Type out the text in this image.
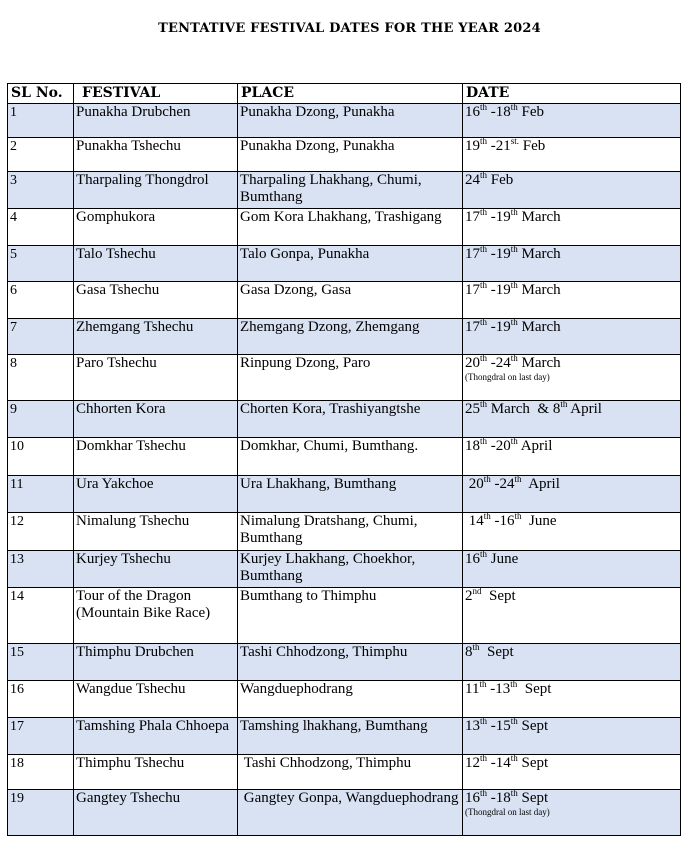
TENTATIVE FESTIVAL DATES FOR THE YEAR 2024
SL No.	FESTIVAL	PLACE	DATE
1	Punakha Drubchen	Punakha Dzong, Punakha	16th -18th Feb

2	Punakha Tshechu	Punakha Dzong, Punakha	19th $-21^{st.}$ Feb

3	Tharpaling Thongdrol	Tharpaling Lhakhang, Chumi, Bumthang	24th Feb

4	Gomphukora	Gom Kora Lhakhang, Trashigang	17th -19th March

5	Talo Tshechu	Talo Gonpa, Punakha	17th -19th March

6	Gasa Tshechu	Gasa Dzong, Gasa	17th -19th March

7	Zhemgang Tshechu	Zhemgang Dzong, Zhemgang	17th -19th March

8	Paro Tshechu	Rinpung Dzong, Paro	20th -24th March
(Thongdral on last day)

9	Chhorten Kora	Chorten Kora, Trashiyangtshe	25th March  & 8th April

10	Domkhar Tshechu	Domkhar, Chumi, Bumthang.	18th -20th April

11	Ura Yakchoe	Ura Lhakhang, Bumthang	20th -24th  April

12	Nimalung Tshechu	Nimalung Dratshang, Chumi, Bumthang	14th -16th  June

13	Kurjey Tshechu	Kurjey Lhakhang, Choekhor, Bumthang	16th June

14	Tour of the Dragon (Mountain Bike Race)	Bumthang to Thimphu	2nd  Sept

15	Thimphu Drubchen	Tashi Chhodzong, Thimphu	8th  Sept

16	Wangdue Tshechu	Wangduephodrang	11th -13th  Sept

17	Tamshing Phala Chhoepa	Tamshing lhakhang, Bumthang	13th -15th Sept

18	Thimphu Tshechu	Tashi Chhodzong, Thimphu	12th -14th Sept

19	Gangtey Tshechu	Gangtey Gonpa, Wangduephodrang	16th -18th Sept
(Thongdral on last day)
